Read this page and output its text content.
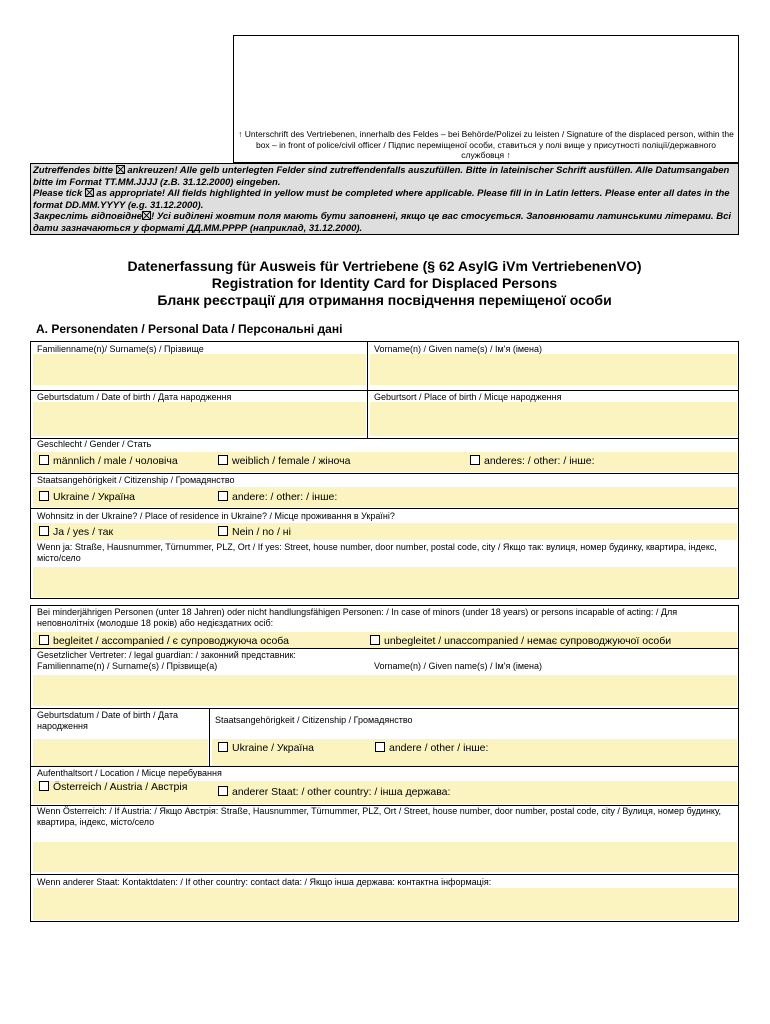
↑ Unterschrift des Vertriebenen, innerhalb des Feldes – bei Behörde/Polizei zu leisten / Signature of the displaced person, within the box – in front of police/civil officer / Підпис переміщеної особи, ставиться у полі вище у присутності поліції/державного службовця ↑
Zutreffendes bitte ankreuzen! Alle gelb unterlegten Felder sind zutreffendenfalls auszufüllen. Bitte in lateinischer Schrift ausfüllen. Alle Datumsangaben bitte im Format TT.MM.JJJJ (z.B. 31.12.2000) eingeben.
Please tick as appropriate! All fields highlighted in yellow must be completed where applicable. Please fill in in Latin letters. Please enter all dates in the format DD.MM.YYYY (e.g. 31.12.2000).
Закресліть відповідне ! Усі виділені жовтим поля мають бути заповнені, якщо це вас стосується. Заповнювати латинськими літерами. Всі дати зазначаються у форматі ДД.ММ.РРРР (наприклад, 31.12.2000).
Datenerfassung für Ausweis für Vertriebene (§ 62 AsylG iVm VertriebenenVO)
Registration for Identity Card for Displaced Persons
Бланк реєстрації для отримання посвідчення переміщеної особи
A. Personendaten / Personal Data / Персональні дані
Familienname(n)/ Surname(s) / Прізвище	Vorname(n) / Given name(s) / Ім'я (імена)
Geburtsdatum / Date of birth / Дата народження	Geburtsort / Place of birth / Місце народження
Geschlecht / Gender / Стать
männlich / male / чоловіча	weiblich / female / жіноча	anderes: / other: / інше:
Staatsangehörigkeit / Citizenship / Громадянство
Ukraine / Україна	andere: / other: / інше:
Wohnsitz in der Ukraine? / Place of residence in Ukraine? / Місце проживання в Україні?
Ja / yes / так	Nein / no / ні
Wenn ja: Straße, Hausnummer, Türnummer, PLZ, Ort / If yes: Street, house number, door number, postal code, city / Якщо так: вулиця, номер будинку, квартира, індекс, місто/село
Bei minderjährigen Personen (unter 18 Jahren) oder nicht handlungsfähigen Personen: / In case of minors (under 18 years) or persons incapable of acting: / Для неповнолітніх (молодше 18 років) або недієздатних осіб:
begleitet / accompanied / є супроводжуюча особа	unbegleitet / unaccompanied / немає супроводжуючої особи
Gesetzlicher Vertreter: / legal guardian: / законний представник:
Familienname(n) / Surname(s) / Прізвище(а)	Vorname(n) / Given name(s) / Ім'я (імена)
Geburtsdatum / Date of birth / Дата народження
Staatsangehörigkeit / Citizenship / Громадянство
Ukraine / Україна	andere / other / інше:
Aufenthaltsort / Location / Місце перебування
Österreich / Austria / Австрія	anderer Staat: / other country: / інша держава:
Wenn Österreich: / If Austria: / Якщо Австрія: Straße, Hausnummer, Türnummer, PLZ, Ort / Street, house number, door number, postal code, city / Вулиця, номер будинку, квартира, індекс, місто/село
Wenn anderer Staat: Kontaktdaten: / If other country: contact data: / Якщо інша держава: контактна інформація:
